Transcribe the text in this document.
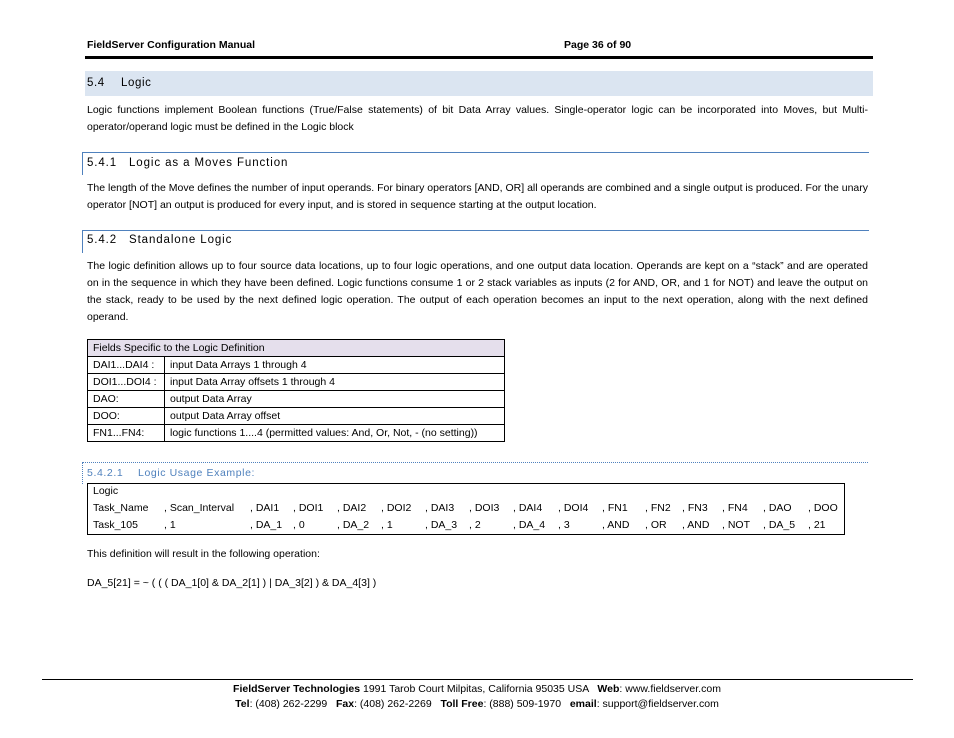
FieldServer Configuration Manual	Page 36 of 90
5.4 Logic
Logic functions implement Boolean functions (True/False statements) of bit Data Array values. Single-operator logic can be incorporated into Moves, but Multi-operator/operand logic must be defined in the Logic block
5.4.1 Logic as a Moves Function
The length of the Move defines the number of input operands. For binary operators [AND, OR] all operands are combined and a single output is produced. For the unary operator [NOT] an output is produced for every input, and is stored in sequence starting at the output location.
5.4.2 Standalone Logic
The logic definition allows up to four source data locations, up to four logic operations, and one output data location. Operands are kept on a “stack” and are operated on in the sequence in which they have been defined. Logic functions consume 1 or 2 stack variables as inputs (2 for AND, OR, and 1 for NOT) and leave the output on the stack, ready to be used by the next defined logic operation. The output of each operation becomes an input to the next operation, along with the next defined operand.
Fields Specific to the Logic Definition	
DAI1...DAI4 :	input Data Arrays 1 through 4
DOI1...DOI4 :	input Data Array offsets 1 through 4
DAO:	output Data Array
DOO:	output Data Array offset
FN1...FN4:	logic functions 1....4 (permitted values: And, Or, Not, - (no setting))
5.4.2.1 Logic Usage Example:
Logic
Task_Name , Scan_Interval , DAI1 , DOI1 , DAI2 , DOI2 , DAI3 , DOI3 , DAI4 , DOI4 , FN1 , FN2 , FN3 , FN4 , DAO , DOO
Task_105 , 1	, DA_1 , 0	, DA_2 , 1	, DA_3 , 2	, DA_4 , 3	, AND , OR , AND , NOT , DA_5 , 21
This definition will result in the following operation:
DA_5[21] = ~ ( ( ( DA_1[0] & DA_2[1] ) | DA_3[2] ) & DA_4[3] )
FieldServer Technologies 1991 Tarob Court Milpitas, California 95035 USA   Web: www.fieldserver.com
Tel: (408) 262-2299   Fax: (408) 262-2269   Toll Free: (888) 509-1970   email: support@fieldserver.com
